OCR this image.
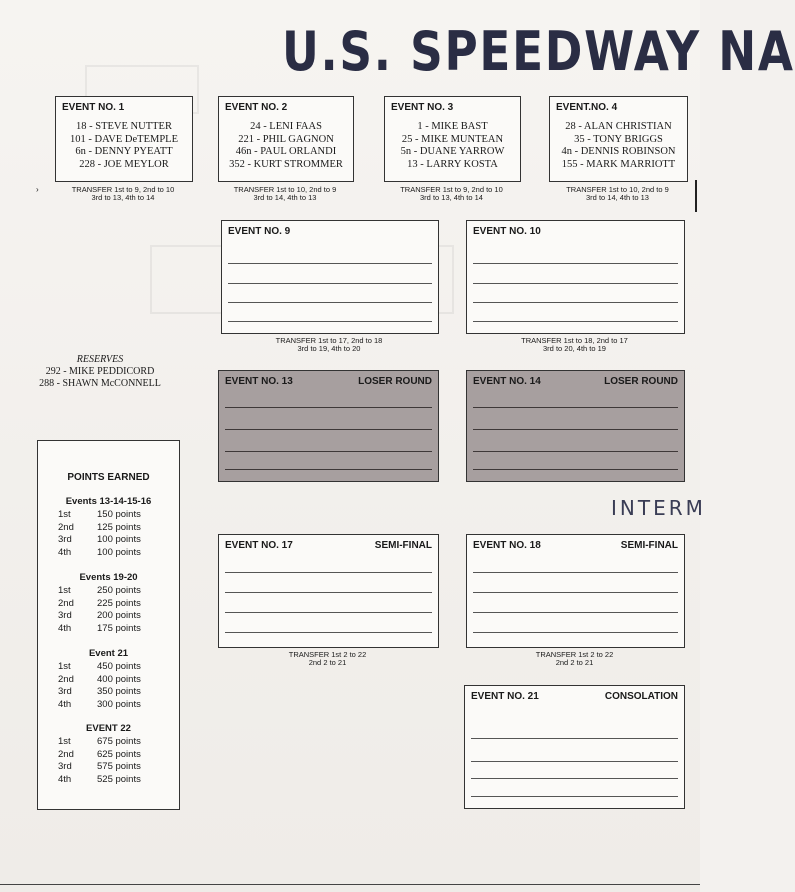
U.S. SPEEDWAY NA
EVENT NO. 1
18 - STEVE NUTTER
101 - DAVE DeTEMPLE
6n - DENNY PYEATT
228 - JOE MEYLOR
EVENT NO. 2
24 - LENI FAAS
221 - PHIL GAGNON
46n - PAUL ORLANDI
352 - KURT STROMMER
EVENT NO. 3
1 - MIKE BAST
25 - MIKE MUNTEAN
5n - DUANE YARROW
13 - LARRY KOSTA
EVENT.NO. 4
28 - ALAN CHRISTIAN
35 - TONY BRIGGS
4n - DENNIS ROBINSON
155 - MARK MARRIOTT
›	TRANSFER 1st to 9, 2nd to 10
3rd to 13, 4th to 14
TRANSFER 1st to 10, 2nd to 9
3rd to 14, 4th to 13
TRANSFER 1st to 9, 2nd to 10
3rd to 13, 4th to 14
TRANSFER 1st to 10, 2nd to 9
3rd to 14, 4th to 13
EVENT NO. 9	EVENT NO. 10
TRANSFER 1st to 17, 2nd to 18
3rd to 19, 4th to 20
TRANSFER 1st to 18, 2nd to 17
3rd to 20, 4th to 19
RESERVES
292 - MIKE PEDDICORD
288 - SHAWN McCONNELL	EVENT NO. 13	LOSER ROUND	EVENT NO. 14	LOSER ROUND
INTERM
EVENT NO. 17	SEMI-FINAL	EVENT NO. 18	SEMI-FINAL
TRANSFER 1st 2 to 22
2nd 2 to 21
TRANSFER 1st 2 to 22
2nd 2 to 21
EVENT NO. 21	CONSOLATION
POINTS EARNED
Events 13-14-15-16
1st	150 points
2nd 125 points
3rd	100 points
4th	100 points
Events 19-20
1st	250 points
2nd 225 points
3rd	200 points
4th	175 points
Event 21
1st	450 points
2nd 400 points
3rd	350 points
4th	300 points
EVENT 22
1st	675 points
2nd 625 points
3rd	575 points
4th	525 points
